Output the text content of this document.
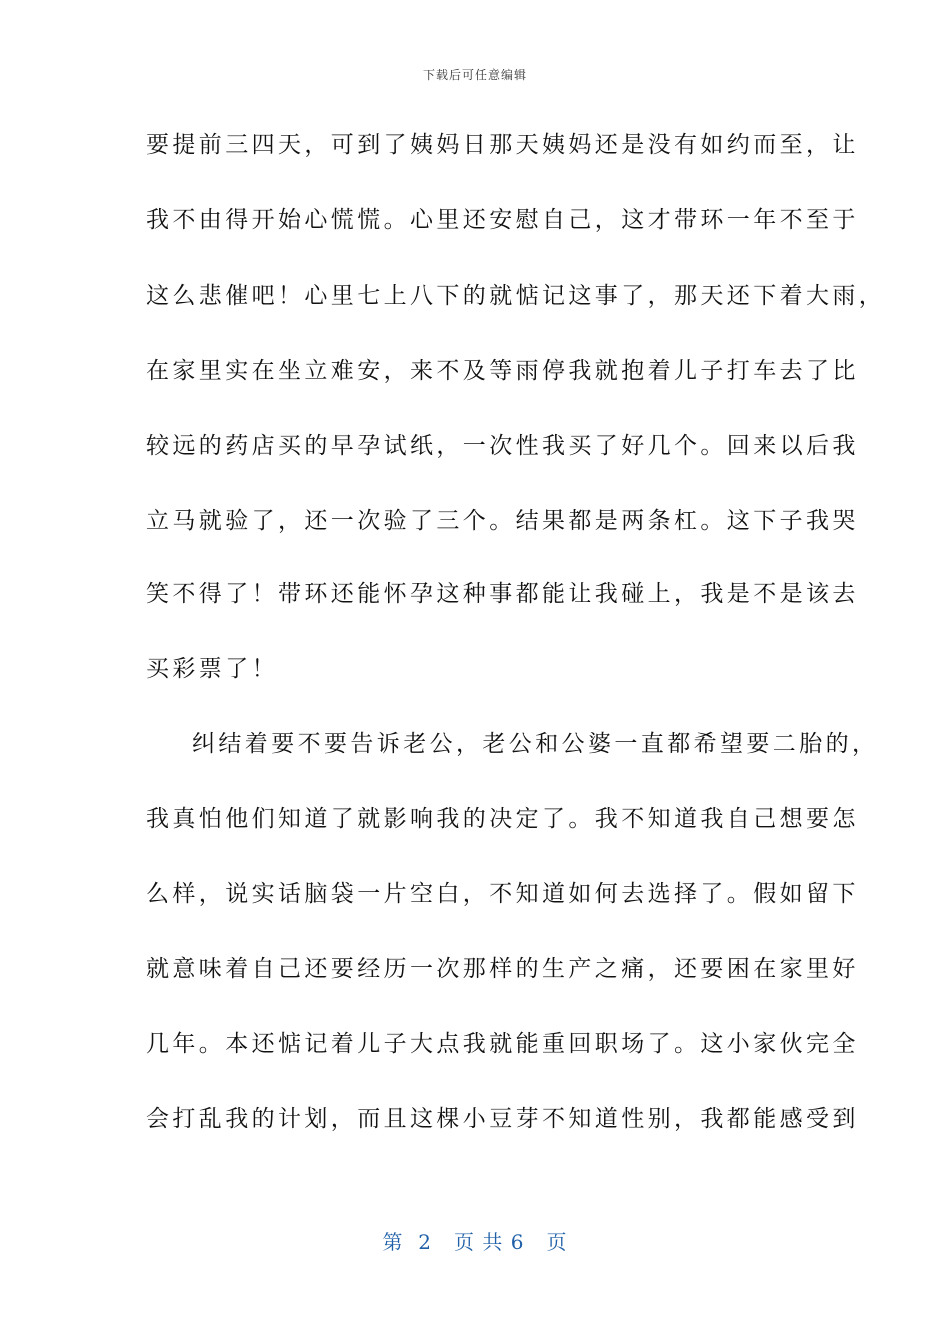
下载后可任意编辑
要提前三四天，可到了姨妈日那天姨妈还是没有如约而至，让
我不由得开始心慌慌。心里还安慰自己，这才带环一年不至于
这么悲催吧！心里七上八下的就惦记这事了，那天还下着大雨，
在家里实在坐立难安，来不及等雨停我就抱着儿子打车去了比
较远的药店买的早孕试纸，一次性我买了好几个。回来以后我
立马就验了，还一次验了三个。结果都是两条杠。这下子我哭
笑不得了！带环还能怀孕这种事都能让我碰上，我是不是该去
买彩票了！
纠结着要不要告诉老公，老公和公婆一直都希望要二胎的，
我真怕他们知道了就影响我的决定了。我不知道我自己想要怎
么样，说实话脑袋一片空白，不知道如何去选择了。假如留下
就意味着自己还要经历一次那样的生产之痛，还要困在家里好
几年。本还惦记着儿子大点我就能重回职场了。这小家伙完全
会打乱我的计划，而且这棵小豆芽不知道性别，我都能感受到
第  2   页 共 6   页
